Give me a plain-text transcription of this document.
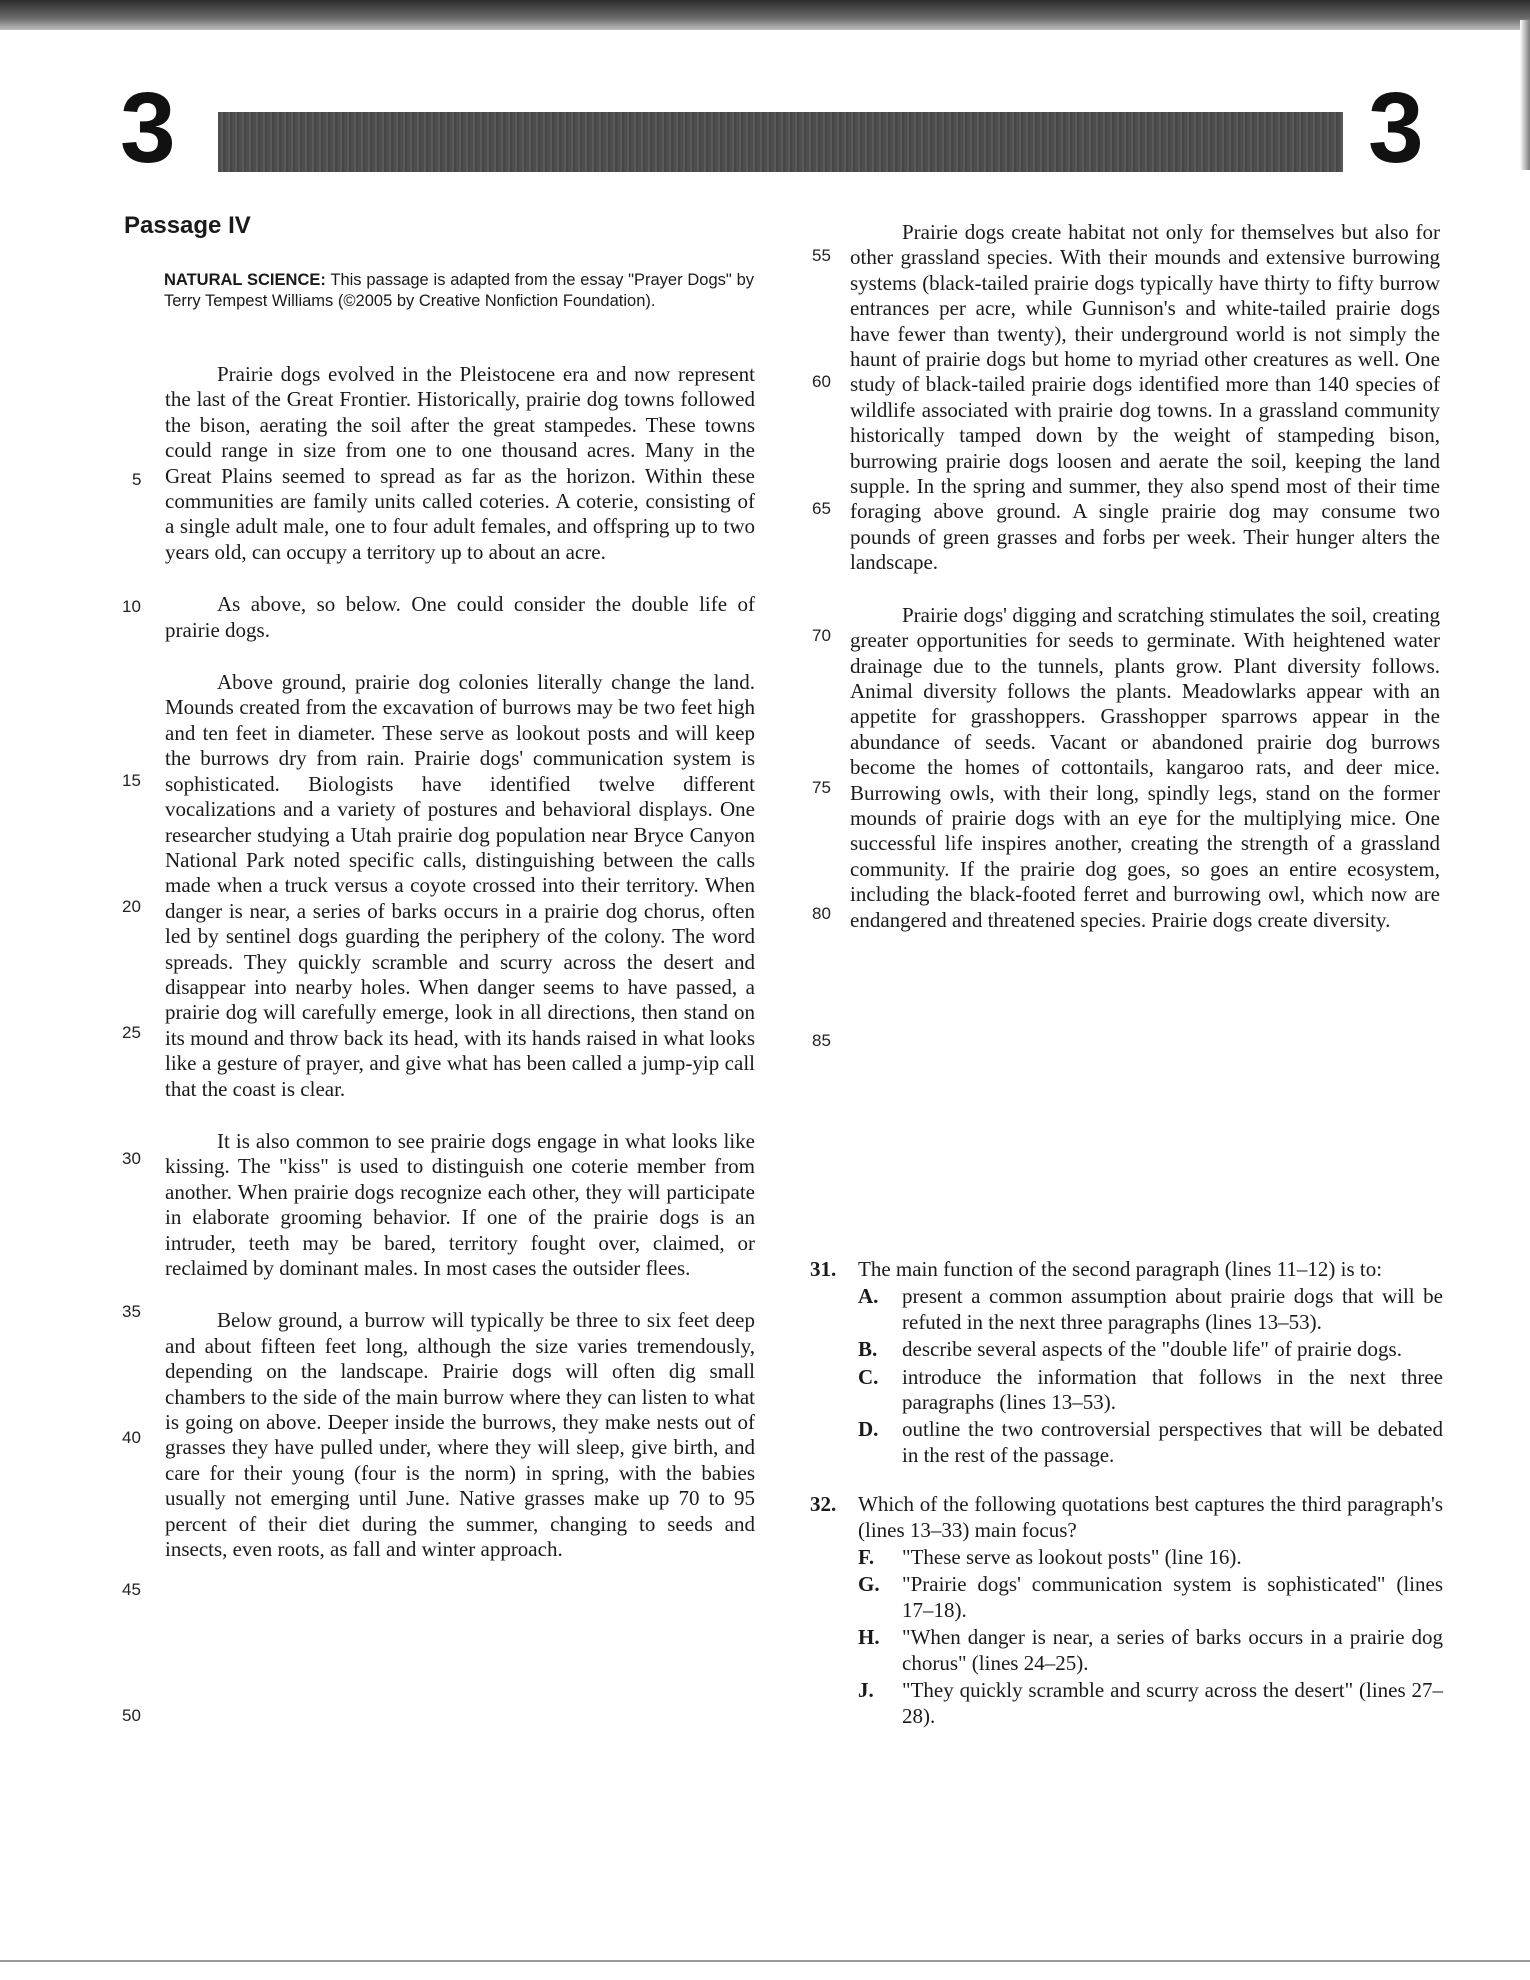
3	3
Passage IV
NATURAL SCIENCE: This passage is adapted from the essay "Prayer Dogs" by Terry Tempest Williams (©2005 by Creative Nonfiction Foundation).

Prairie dogs evolved in the Pleistocene era and now represent the last of the Great Frontier. Historically, prairie dog towns followed the bison, aerating the soil after the great stampedes. These towns could range in size from one to one thousand acres. Many in the Great Plains seemed to spread as far as the horizon. Within these communities are family units called coteries. A coterie, consisting of a single adult male, one to four adult females, and offspring up to two years old, can occupy a territory up to about an acre.

As above, so below. One could consider the double life of prairie dogs.

Above ground, prairie dog colonies literally change the land. Mounds created from the excavation of burrows may be two feet high and ten feet in diameter. These serve as lookout posts and will keep the burrows dry from rain. Prairie dogs' communication system is sophisticated. Biologists have identified twelve different vocalizations and a variety of postures and behavioral displays. One researcher studying a Utah prairie dog population near Bryce Canyon National Park noted specific calls, distinguishing between the calls made when a truck versus a coyote crossed into their territory. When danger is near, a series of barks occurs in a prairie dog chorus, often led by sentinel dogs guarding the periphery of the colony. The word spreads. They quickly scramble and scurry across the desert and disappear into nearby holes. When danger seems to have passed, a prairie dog will carefully emerge, look in all directions, then stand on its mound and throw back its head, with its hands raised in what looks like a gesture of prayer, and give what has been called a jump-yip call that the coast is clear.

It is also common to see prairie dogs engage in what looks like kissing. The "kiss" is used to distinguish one coterie member from another. When prairie dogs recognize each other, they will participate in elaborate grooming behavior. If one of the prairie dogs is an intruder, teeth may be bared, territory fought over, claimed, or reclaimed by dominant males. In most cases the outsider flees.

Below ground, a burrow will typically be three to six feet deep and about fifteen feet long, although the size varies tremendously, depending on the landscape. Prairie dogs will often dig small chambers to the side of the main burrow where they can listen to what is going on above. Deeper inside the burrows, they make nests out of grasses they have pulled under, where they will sleep, give birth, and care for their young (four is the norm) in spring, with the babies usually not emerging until June. Native grasses make up 70 to 95 percent of their diet during the summer, changing to seeds and insects, even roots, as fall and winter approach.

Prairie dogs create habitat not only for themselves but also for other grassland species. With their mounds and extensive burrowing systems (black-tailed prairie dogs typically have thirty to fifty burrow entrances per acre, while Gunnison's and white-tailed prairie dogs have fewer than twenty), their underground world is not simply the haunt of prairie dogs but home to myriad other creatures as well. One study of black-tailed prairie dogs identified more than 140 species of wildlife associated with prairie dog towns. In a grassland community historically tamped down by the weight of stampeding bison, burrowing prairie dogs loosen and aerate the soil, keeping the land supple. In the spring and summer, they also spend most of their time foraging above ground. A single prairie dog may consume two pounds of green grasses and forbs per week. Their hunger alters the landscape.

Prairie dogs' digging and scratching stimulates the soil, creating greater opportunities for seeds to germinate. With heightened water drainage due to the tunnels, plants grow. Plant diversity follows. Animal diversity follows the plants. Meadowlarks appear with an appetite for grasshoppers. Grasshopper sparrows appear in the abundance of seeds. Vacant or abandoned prairie dog burrows become the homes of cottontails, kangaroo rats, and deer mice. Burrowing owls, with their long, spindly legs, stand on the former mounds of prairie dogs with an eye for the multiplying mice. One successful life inspires another, creating the strength of a grassland community. If the prairie dog goes, so goes an entire ecosystem, including the black-footed ferret and burrowing owl, which now are endangered and threatened species. Prairie dogs create diversity.

5
10
15
20
25
30
35
40
45
50
55
60
65
70
75
80
85
31.	The main function of the second paragraph (lines 11–12) is to:
A.	present a common assumption about prairie dogs that will be refuted in the next three paragraphs (lines 13–53).
B.	describe several aspects of the "double life" of prairie dogs.
C.	introduce the information that follows in the next three paragraphs (lines 13–53).
D.	outline the two controversial perspectives that will be debated in the rest of the passage.
32.	Which of the following quotations best captures the third paragraph's (lines 13–33) main focus?
F.	"These serve as lookout posts" (line 16).
G.	"Prairie dogs' communication system is sophisticated" (lines 17–18).
H.	"When danger is near, a series of barks occurs in a prairie dog chorus" (lines 24–25).
J.	"They quickly scramble and scurry across the desert" (lines 27–28).
